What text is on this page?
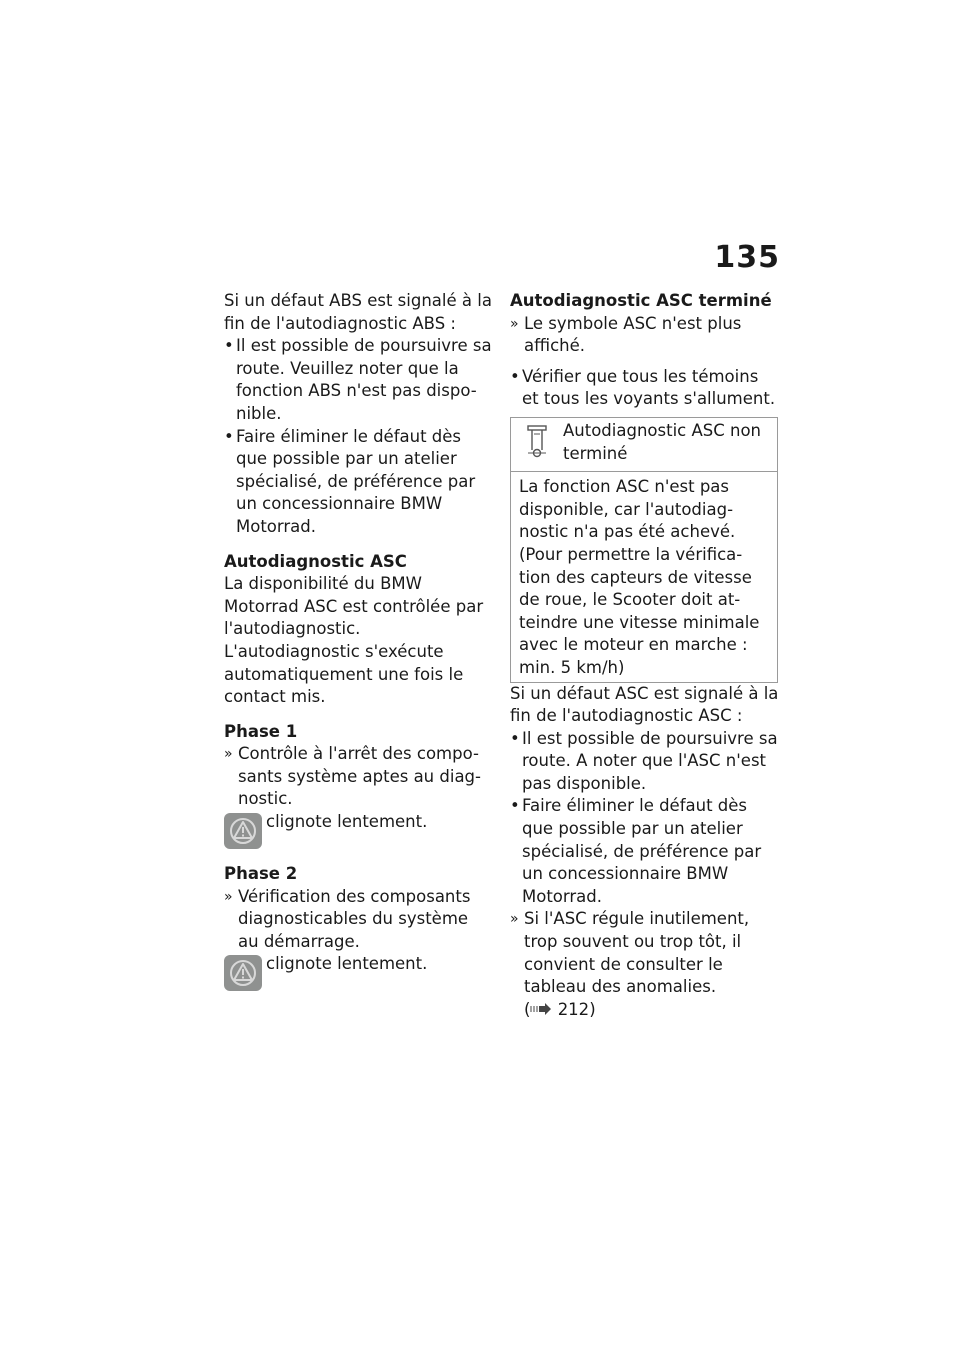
135

Si un défaut ABS est signalé à la fin de l'autodiagnostic ABS :

• Il est possible de poursuivre sa route. Veuillez noter que la fonction ABS n'est pas dispo-nible.
• Faire éliminer le défaut dès que possible par un atelier spécialisé, de préférence par un concessionnaire BMW Motorrad.

Autodiagnostic ASC

La disponibilité du BMW Motorrad ASC est contrôlée par l'autodiagnostic. L'autodiagnostic s'exécute automatiquement une fois le contact mis.

Phase 1

» Contrôle à l'arrêt des compo-sants système aptes au diag-nostic.
clignote lentement.

Phase 2

» Vérification des composants diagnosticables du système au démarrage.
clignote lentement.

Autodiagnostic ASC terminé

» Le symbole ASC n'est plus affiché.
• Vérifier que tous les témoins et tous les voyants s'allument.
Autodiagnostic ASC non terminé
La fonction ASC n'est pas disponible, car l'autodiag-nostic n'a pas été achevé. (Pour permettre la vérifica-tion des capteurs de vitesse de roue, le Scooter doit at-teindre une vitesse minimale avec le moteur en marche : min. 5 km/h)

Si un défaut ASC est signalé à la fin de l'autodiagnostic ASC :

• Il est possible de poursuivre sa route. A noter que l'ASC n'est pas disponible.
• Faire éliminer le défaut dès que possible par un atelier spécialisé, de préférence par un concessionnaire BMW Motorrad.
» Si l'ASC régule inutilement, trop souvent ou trop tôt, il convient de consulter le tableau des anomalies.
( 212)
